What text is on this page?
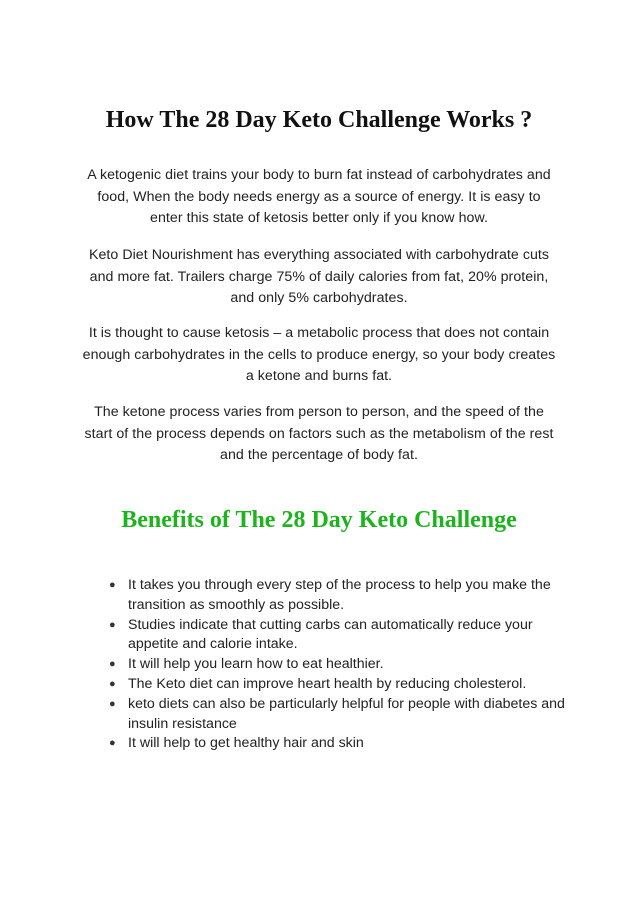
How The 28 Day Keto Challenge Works ?

A ketogenic diet trains your body to burn fat instead of carbohydrates and food, When the body needs energy as a source of energy. It is easy to enter this state of ketosis better only if you know how.

Keto Diet Nourishment has everything associated with carbohydrate cuts and more fat. Trailers charge 75% of daily calories from fat, 20% protein, and only 5% carbohydrates.

It is thought to cause ketosis – a metabolic process that does not contain enough carbohydrates in the cells to produce energy, so your body creates a ketone and burns fat.

The ketone process varies from person to person, and the speed of the start of the process depends on factors such as the metabolism of the rest and the percentage of body fat.

Benefits of The 28 Day Keto Challenge
● It takes you through every step of the process to help you make the transition as smoothly as possible.
● Studies indicate that cutting carbs can automatically reduce your appetite and calorie intake.
● It will help you learn how to eat healthier.
● The Keto diet can improve heart health by reducing cholesterol.
● keto diets can also be particularly helpful for people with diabetes and insulin resistance
● It will help to get healthy hair and skin
